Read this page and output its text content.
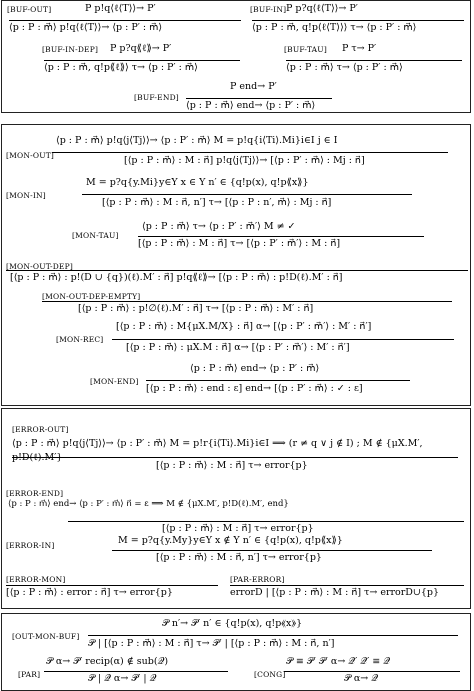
[BUF-OUT]	P p!q⟨ℓ⟨T⟩⟩→ P′
⟨p : P : m⃗⟩ p!q⟨ℓ⟨T⟩⟩→ ⟨p : P′ : m⃗⟩
[BUF-IN] P p?q⟨ℓ⟨T⟩⟩→ P′
⟨p : P : m⃗, q!p⟨ℓ⟨T⟩⟩⟩ τ→ ⟨p : P′ : m⃗⟩
[BUF-IN-DEP] P p?q⟪ℓ⟫→ P′
⟨p : P : m⃗, q!p⟪ℓ⟫⟩ τ→ ⟨p : P′ : m⃗⟩
[BUF-TAU] P τ→ P′
⟨p : P : m⃗⟩ τ→ ⟨p : P′ : m⃗⟩
[BUF-END]
P end→ P′
⟨p : P : m⃗⟩ end→ ⟨p : P′ : m⃗⟩
[MON-OUT]
⟨p : P : m⃗⟩ p!q⟨j⟨Tj⟩⟩→ ⟨p : P′ : m⃗⟩ M = p!q{i⟨Ti⟩.Mi}i∈I j ∈ I
[⟨p : P : m⃗⟩ : M : n⃗] p!q⟨j⟨Tj⟩⟩→ [⟨p : P′ : m⃗⟩ : Mj : n⃗]
[MON-IN]
M = p?q{y.Mi}y∈Y x ∈ Y n′ ∈ {q!p(x), q!p⟪x⟫}
[⟨p : P : m⃗⟩ : M : n⃗, n′] τ→ [⟨p : P : n′, m⃗⟩ : Mj : n⃗]
[MON-TAU]
⟨p : P : m⃗⟩ τ→ ⟨p : P′ : m⃗′⟩ M ≠ ✓
[⟨p : P : m⃗⟩ : M : n⃗] τ→ [⟨p : P′ : m⃗′⟩ : M : n⃗]
[MON-OUT-DEP]
[⟨p : P : m⃗⟩ : p!(D ∪ {q})(ℓ).M′ : n⃗] p!q⟪ℓ⟫→ [⟨p : P : m⃗⟩ : p!D(ℓ).M′ : n⃗]
[MON-OUT-DEP-EMPTY]
[⟨p : P : m⃗⟩ : p!∅(ℓ).M′ : n⃗] τ→ [⟨p : P : m⃗⟩ : M′ : n⃗]
[MON-REC]
[⟨p : P : m⃗⟩ : M{μX.M/X} : n⃗] α→ [⟨p : P′ : m⃗′⟩ : M′ : n⃗′]
[⟨p : P : m⃗⟩ : μX.M : n⃗] α→ [⟨p : P′ : m⃗′⟩ : M′ : n⃗′]
[MON-END]
⟨p : P : m⃗⟩ end→ ⟨p : P′ : m⃗⟩
[⟨p : P : m⃗⟩ : end : ε] end→ [⟨p : P′ : m⃗⟩ : ✓ : ε]
[ERROR-OUT]
⟨p : P : m⃗⟩ p!q⟨j⟨Tj⟩⟩→ ⟨p : P′ : m⃗⟩ M = p!r{i⟨Ti⟩.Mi}i∈I ⟹ (r ≠ q ∨ j ∉ I) ; M ∉ {μX.M′, p!D(ℓ).M′}
[⟨p : P : m⃗⟩ : M : n⃗] τ→ error{p}
[ERROR-END]
⟨p : P : m⃗⟩ end→ ⟨p : P′ : m⃗⟩ n⃗ = ε ⟹ M ∉ {μX.M′, p!D(ℓ).M′, end}
[⟨p : P : m⃗⟩ : M : n⃗] τ→ error{p}
[ERROR-IN]	M = p?q{y.My}y∈Y x ∉ Y n′ ∈ {q!p(x), q!p⟪x⟫}
[⟨p : P : m⃗⟩ : M : n⃗, n′] τ→ error{p}
[ERROR-MON]
[⟨p : P : m⃗⟩ : error : n⃗] τ→ error{p}
[PAR-ERROR]
errorD | [⟨p : P : m⃗⟩ : M : n⃗] τ→ errorD∪{p}
[OUT-MON-BUF]
𝒫 n′→ 𝒫′ n′ ∈ {q!p(x), q!p⟪x⟫}
𝒫 | [⟨p : P : m⃗⟩ : M : n⃗] τ→ 𝒫′ | [⟨p : P : m⃗⟩ : M : n⃗, n′]
[PAR]
𝒫 α→ 𝒫′ recip(α) ∉ sub(𝒬)
𝒫 | 𝒬 α→ 𝒫′ | 𝒬	[CONG]
𝒫 ≡ 𝒫′ 𝒫′ α→ 𝒬′ 𝒬′ ≡ 𝒬
𝒫 α→ 𝒬
